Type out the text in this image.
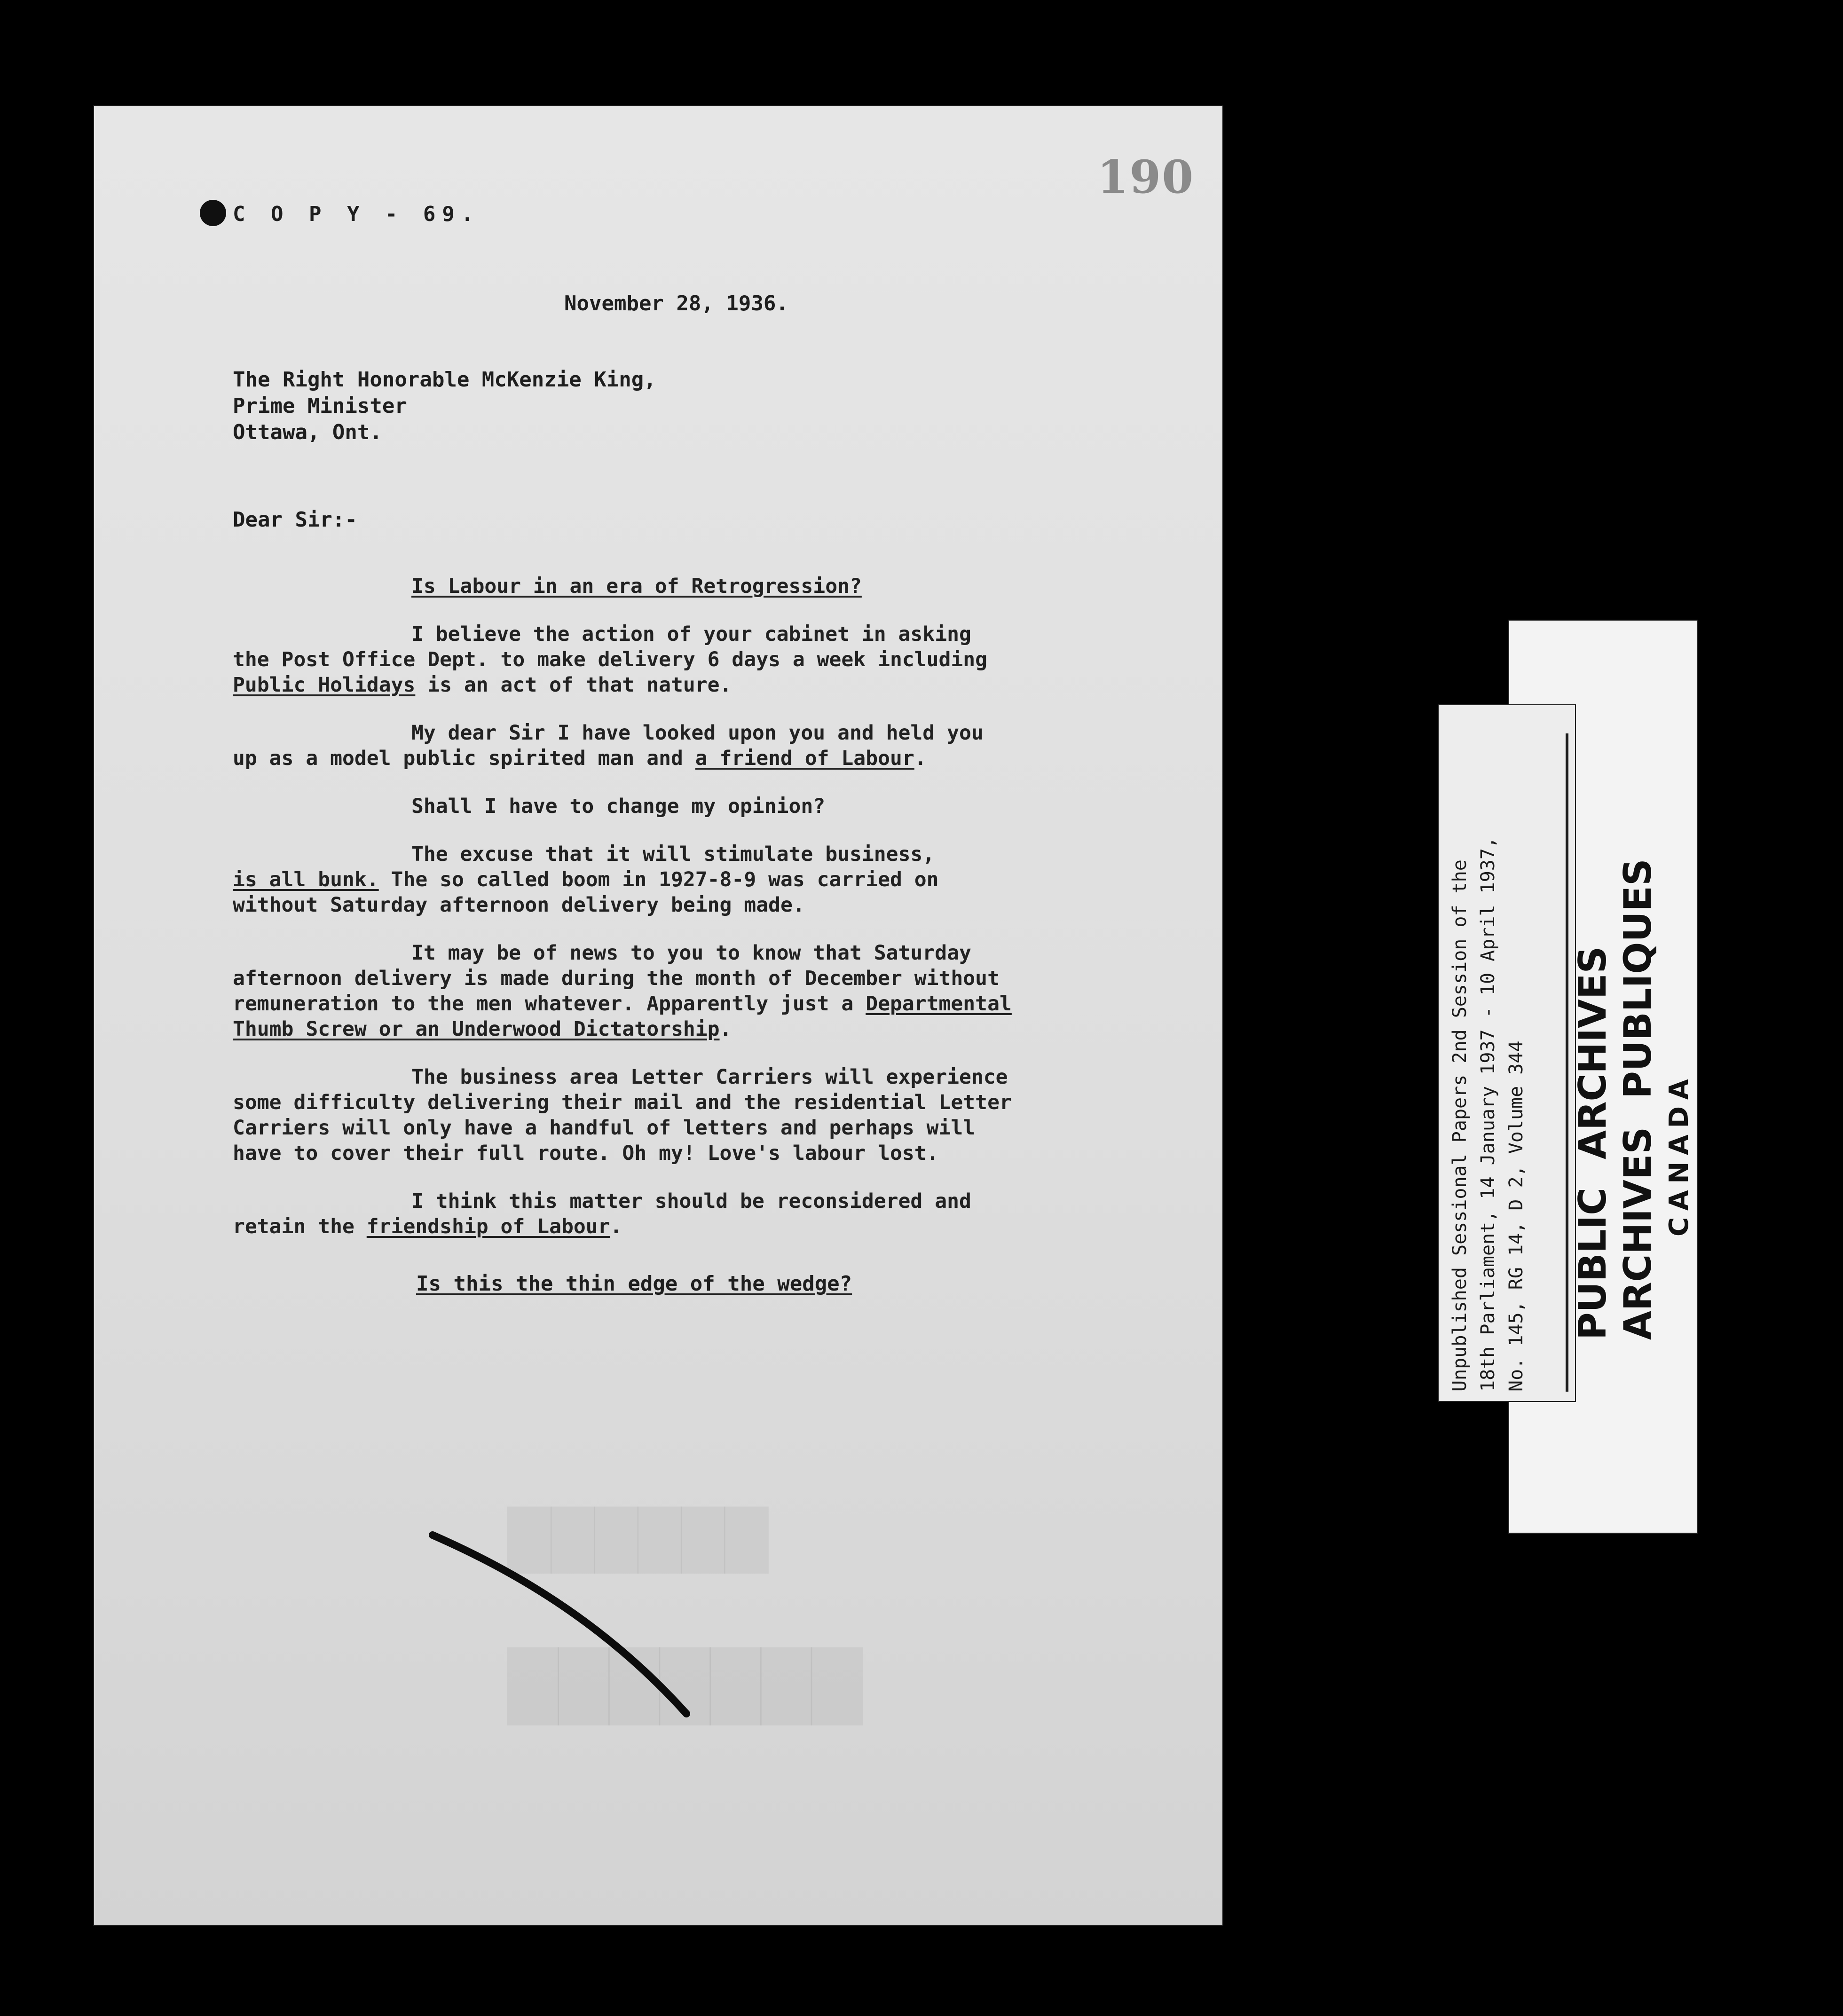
190
██████
███████
C O P Y - 69.
November 28, 1936.
The Right Honorable McKenzie King,
Prime Minister
Ottawa, Ont.
Dear Sir:-

Is Labour in an era of Retrogression?

I believe the action of your cabinet in asking
the Post Office Dept. to make delivery 6 days a week including
Public Holidays is an act of that nature.

My dear Sir I have looked upon you and held you
up as a model public spirited man and a friend of Labour.

Shall I have to change my opinion?

The excuse that it will stimulate business,
is all bunk. The so called boom in 1927-8-9 was carried on
without Saturday afternoon delivery being made.

It may be of news to you to know that Saturday
afternoon delivery is made during the month of December without
remuneration to the men whatever. Apparently just a Departmental
Thumb Screw or an Underwood Dictatorship.

The business area Letter Carriers will experience
some difficulty delivering their mail and the residential Letter
Carriers will only have a handful of letters and perhaps will
have to cover their full route. Oh my! Love's labour lost.

I think this matter should be reconsidered and
retain the friendship of Labour.

Is this the thin edge of the wedge?	Unpublished Sessional Papers 2nd Session of the 18th Parliament, 14 January 1937 - 10 April 1937, No. 145, RG 14, D 2, Volume 344 PUBLICARCHIVES
ARCHIVESPUBLIQUES
CANADA
